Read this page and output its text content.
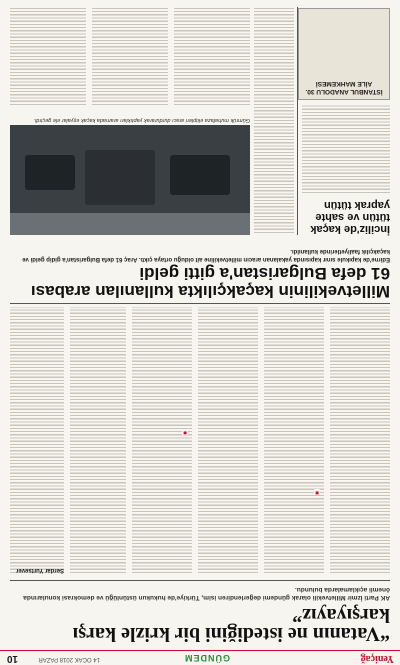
Yeniçağ
GÜNDEM
14 OCAK 2018 PAZAR
10
“Vatanın ne istediğini bir krizle karşı karşıyayız”
AK Parti İzmir Milletvekili olarak gündemi değerlendiren isim, Türkiye'de hukukun üstünlüğü ve demokrasi konularında önemli açıklamalarda bulundu.
Serdar Yurtsever
■
■
Milletvekilinin kaçakçılıkta kullanılan arabası 61 defa Bulgaristan'a gitti geldi
Edirne'de kapıkule sınır kapısında yakalanan aracın milletvekiline ait olduğu ortaya çıktı. Araç 61 defa Bulgaristan'a gidip geldi ve kaçakçılık faaliyetlerinde kullanıldı.
Gümrük muhafaza ekipleri aracı durdurarak yaptıkları aramada kaçak eşyalar ele geçirdi.
İnciliz'de kaçak tütün ve sahte yaprak tütün
İSTANBUL ANADOLU 30. AİLE MAHKEMESİ
